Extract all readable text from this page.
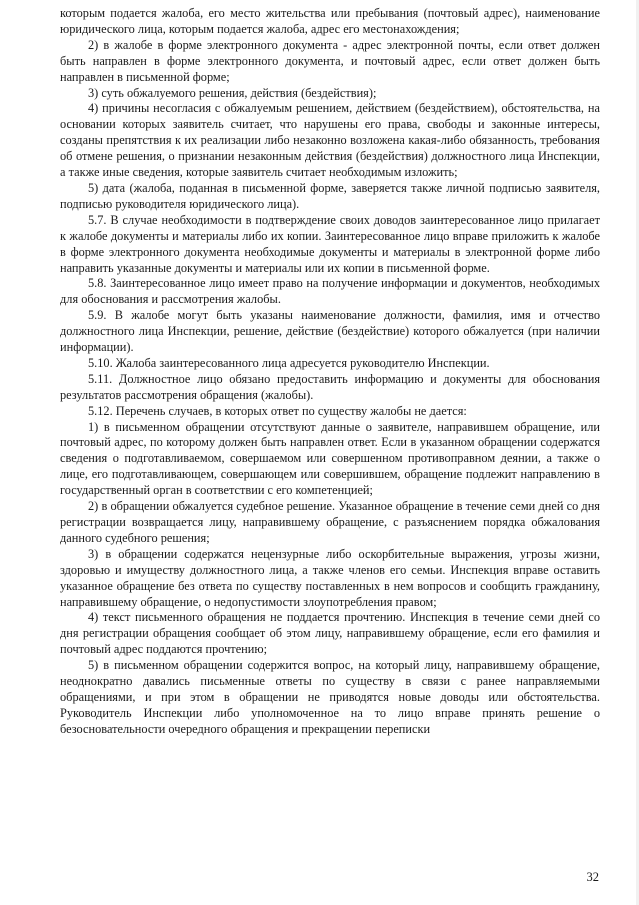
которым подается жалоба, его место жительства или пребывания (почтовый адрес), наименование юридического лица, которым подается жалоба, адрес его местонахождения;

2) в жалобе в форме электронного документа - адрес электронной почты, если ответ должен быть направлен в форме электронного документа, и почтовый адрес, если ответ должен быть направлен в письменной форме;

3) суть обжалуемого решения, действия (бездействия);

4) причины несогласия с обжалуемым решением, действием (бездействием), обстоятельства, на основании которых заявитель считает, что нарушены его права, свободы и законные интересы, созданы препятствия к их реализации либо незаконно возложена какая-либо обязанность, требования об отмене решения, о признании незаконным действия (бездействия) должностного лица Инспекции, а также иные сведения, которые заявитель считает необходимым изложить;

5) дата (жалоба, поданная в письменной форме, заверяется также личной подписью заявителя, подписью руководителя юридического лица).

5.7. В случае необходимости в подтверждение своих доводов заинтересованное лицо прилагает к жалобе документы и материалы либо их копии. Заинтересованное лицо вправе приложить к жалобе в форме электронного документа необходимые документы и материалы в электронной форме либо направить указанные документы и материалы или их копии в письменной форме.

5.8. Заинтересованное лицо имеет право на получение информации и документов, необходимых для обоснования и рассмотрения жалобы.

5.9. В жалобе могут быть указаны наименование должности, фамилия, имя и отчество должностного лица Инспекции, решение, действие (бездействие) которого обжалуется (при наличии информации).

5.10. Жалоба заинтересованного лица адресуется руководителю Инспекции.

5.11. Должностное лицо обязано предоставить информацию и документы для обоснования результатов рассмотрения обращения (жалобы).

5.12. Перечень случаев, в которых ответ по существу жалобы не дается:

1) в письменном обращении отсутствуют данные о заявителе, направившем обращение, или почтовый адрес, по которому должен быть направлен ответ. Если в указанном обращении содержатся сведения о подготавливаемом, совершаемом или совершенном противоправном деянии, а также о лице, его подготавливающем, совершающем или совершившем, обращение подлежит направлению в государственный орган в соответствии с его компетенцией;

2) в обращении обжалуется судебное решение. Указанное обращение в течение семи дней со дня регистрации возвращается лицу, направившему обращение, с разъяснением порядка обжалования данного судебного решения;

3) в обращении содержатся нецензурные либо оскорбительные выражения, угрозы жизни, здоровью и имуществу должностного лица, а также членов его семьи. Инспекция вправе оставить указанное обращение без ответа по существу поставленных в нем вопросов и сообщить гражданину, направившему обращение, о недопустимости злоупотребления правом;

4) текст письменного обращения не поддается прочтению. Инспекция в течение семи дней со дня регистрации обращения сообщает об этом лицу, направившему обращение, если его фамилия и почтовый адрес поддаются прочтению;

5) в письменном обращении содержится вопрос, на который лицу, направившему обращение, неоднократно давались письменные ответы по существу в связи с ранее направляемыми обращениями, и при этом в обращении не приводятся новые доводы или обстоятельства. Руководитель Инспекции либо уполномоченное на то лицо вправе принять решение о безосновательности очередного обращения и прекращении переписки

32
